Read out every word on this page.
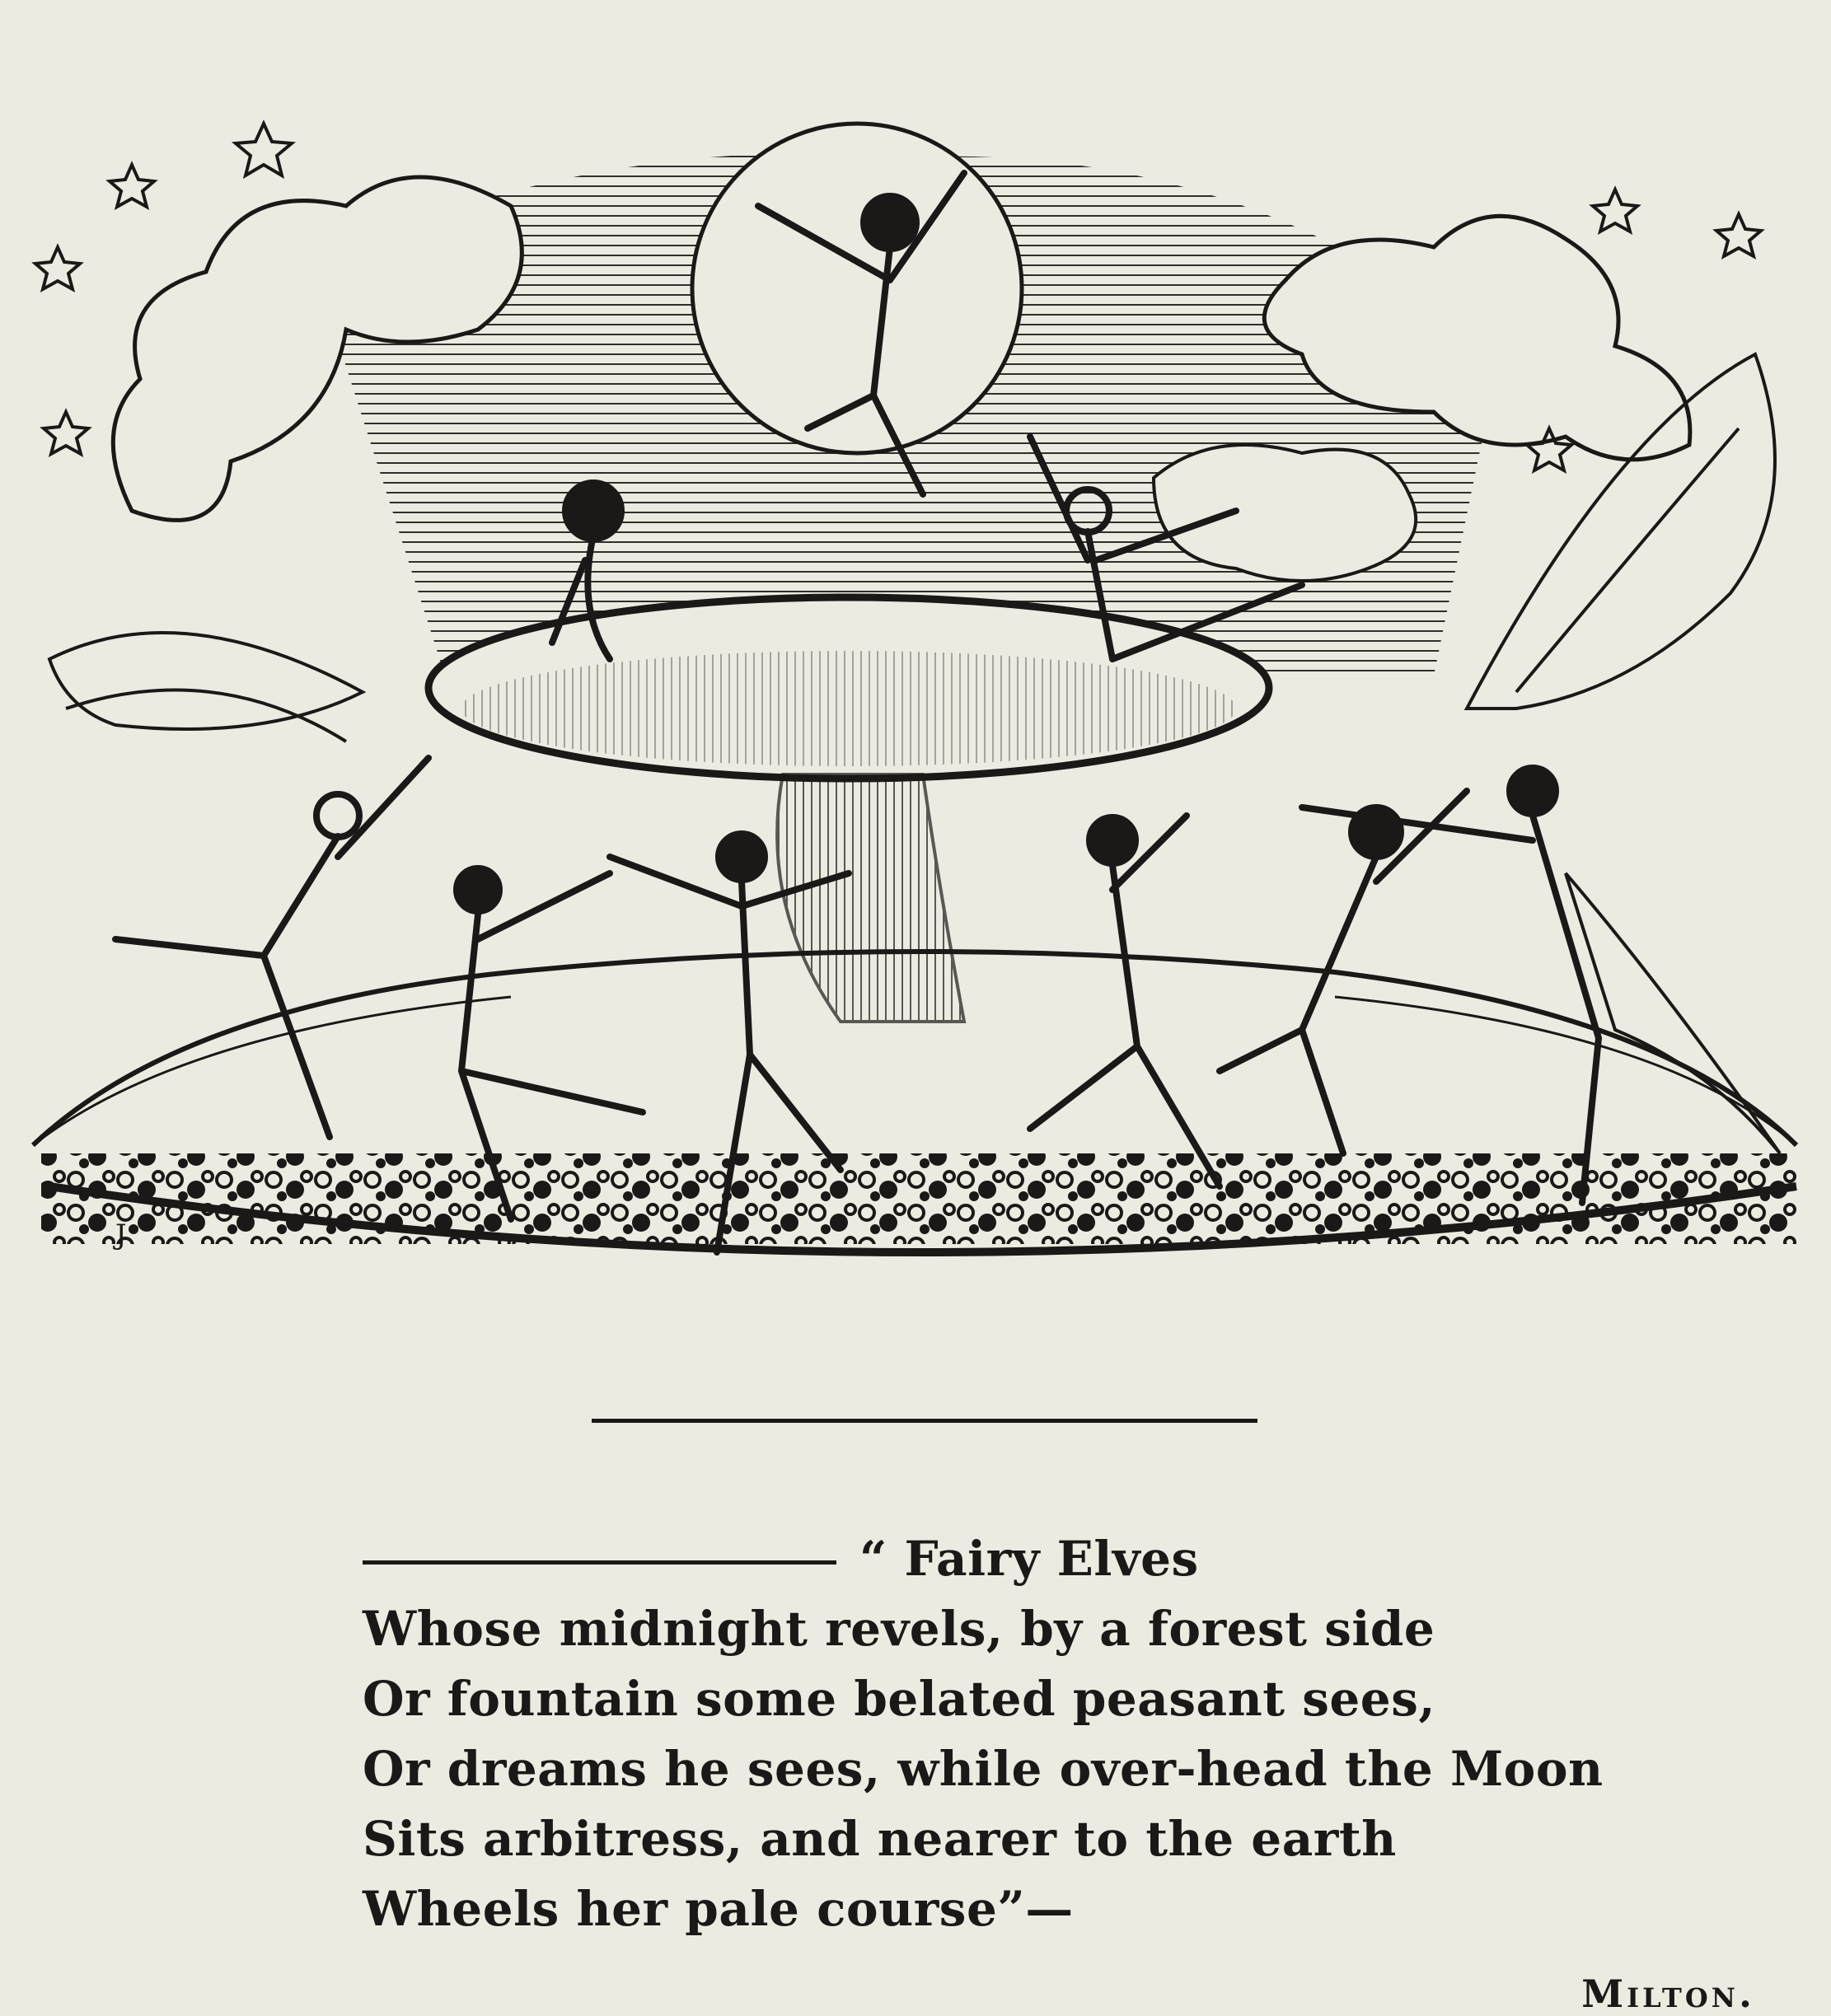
J
“ Fairy Elves
Whose midnight revels, by a forest side
Or fountain some belated peasant sees,
Or dreams he sees, while over-head the Moon
Sits arbitress, and nearer to the earth
Wheels her pale course”—
Milton.
